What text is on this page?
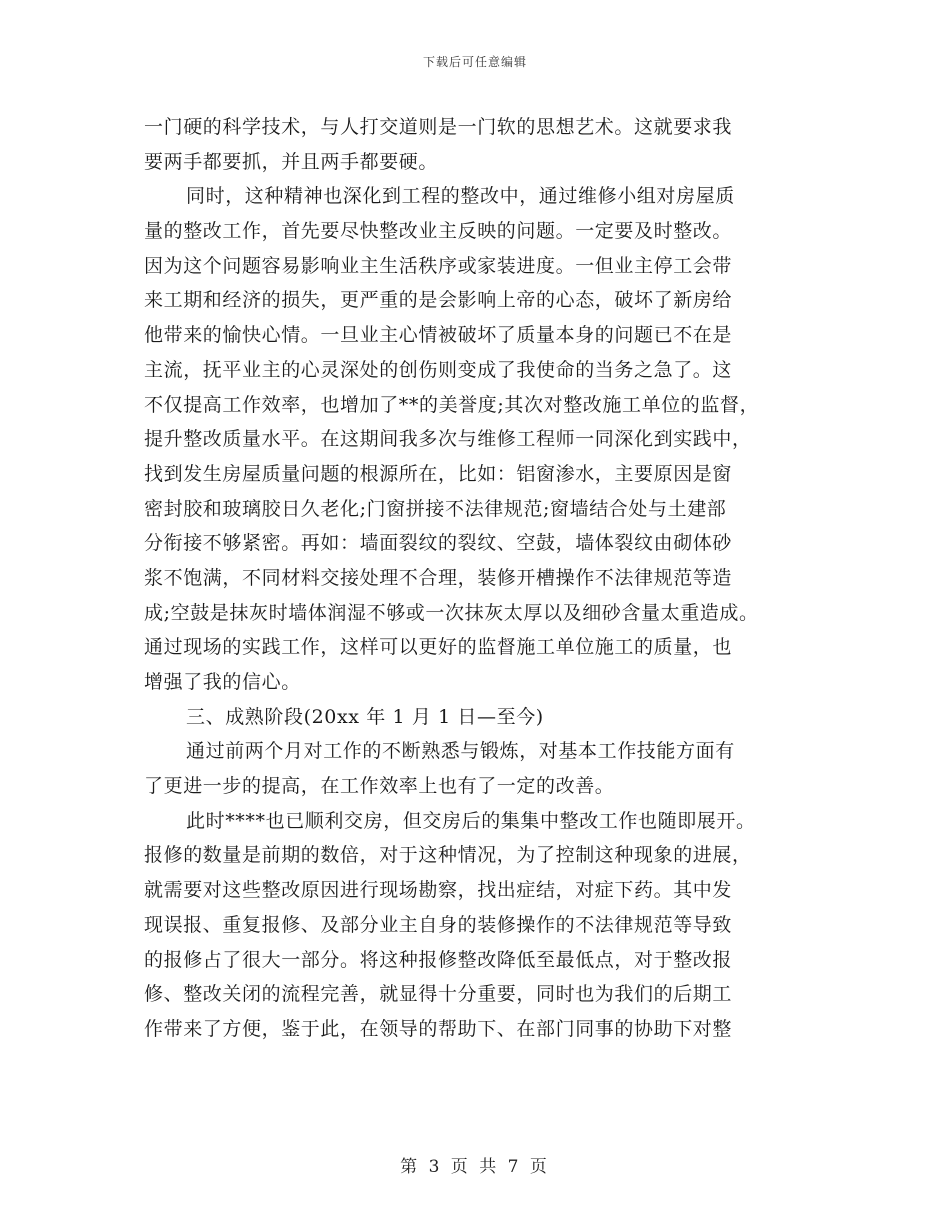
下载后可任意编辑
一门硬的科学技术，与人打交道则是一门软的思想艺术。这就要求我
要两手都要抓，并且两手都要硬。
同时，这种精神也深化到工程的整改中，通过维修小组对房屋质
量的整改工作，首先要尽快整改业主反映的问题。一定要及时整改。
因为这个问题容易影响业主生活秩序或家装进度。一但业主停工会带
来工期和经济的损失，更严重的是会影响上帝的心态，破坏了新房给
他带来的愉快心情。一旦业主心情被破坏了质量本身的问题已不在是
主流，抚平业主的心灵深处的创伤则变成了我使命的当务之急了。这
不仅提高工作效率，也增加了**的美誉度;其次对整改施工单位的监督，
提升整改质量水平。在这期间我多次与维修工程师一同深化到实践中，
找到发生房屋质量问题的根源所在，比如：铝窗渗水，主要原因是窗
密封胶和玻璃胶日久老化;门窗拼接不法律规范;窗墙结合处与土建部
分衔接不够紧密。再如：墙面裂纹的裂纹、空鼓，墙体裂纹由砌体砂
浆不饱满，不同材料交接处理不合理，装修开槽操作不法律规范等造
成;空鼓是抹灰时墙体润湿不够或一次抹灰太厚以及细砂含量太重造成。
通过现场的实践工作，这样可以更好的监督施工单位施工的质量，也
增强了我的信心。
三、成熟阶段(20xx 年 1 月 1 日—至今)
通过前两个月对工作的不断熟悉与锻炼，对基本工作技能方面有
了更进一步的提高，在工作效率上也有了一定的改善。
此时****也已顺利交房，但交房后的集集中整改工作也随即展开。
报修的数量是前期的数倍，对于这种情况，为了控制这种现象的进展，
就需要对这些整改原因进行现场勘察，找出症结，对症下药。其中发
现误报、重复报修、及部分业主自身的装修操作的不法律规范等导致
的报修占了很大一部分。将这种报修整改降低至最低点，对于整改报
修、整改关闭的流程完善，就显得十分重要，同时也为我们的后期工
作带来了方便，鉴于此，在领导的帮助下、在部门同事的协助下对整
第 3 页 共 7 页
